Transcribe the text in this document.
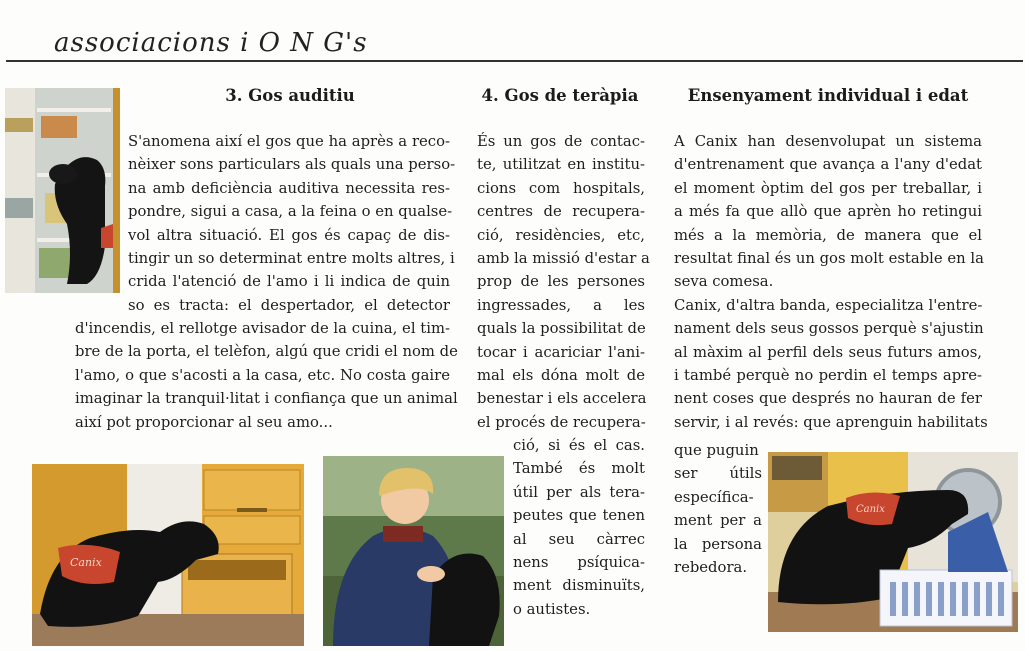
associacions i O N G's
3. Gos auditiu
S'anomena així el gos que ha après a reco-
nèixer sons particulars als quals una perso-
na amb deficiència auditiva necessita res-
pondre, sigui a casa, a la feina o en qualse-
vol altra situació. El gos és capaç de dis-
tingir un so determinat entre molts altres, i
crida l'atenció de l'amo i li indica de quin
so es tracta: el despertador, el detector
d'incendis, el rellotge avisador de la cuina, el tim-
bre de la porta, el telèfon, algú que cridi el nom de
l'amo, o que s'acosti a la casa, etc. No costa gaire
imaginar la tranquil·litat i confiança que un animal
així pot proporcionar al seu amo...
Canix
4. Gos de teràpia
És un gos de contac-
te, utilitzat en institu-
cions com hospitals,
centres de recupera-
ció, residències, etc,
amb la missió d'estar a
prop de les persones
ingressades, a les
quals la possibilitat de
tocar i acariciar l'ani-
mal els dóna molt de
benestar i els accelera
el procés de recupera-
ció, si és el cas.
També és molt
útil per als tera-
peutes que tenen
al seu càrrec
nens psíquica-
ment disminuïts,
o autistes.
Ensenyament individual i edat
A Canix han desenvolupat un sistema
d'entrenament que avança a l'any d'edat
el moment òptim del gos per treballar, i
a més fa que allò que aprèn ho retingui
més a la memòria, de manera que el
resultat final és un gos molt estable en la
seva comesa.
Canix, d'altra banda, especialitza l'entre-
nament dels seus gossos perquè s'ajustin
al màxim al perfil dels seus futurs amos,
i també perquè no perdin el temps apre-
nent coses que després no hauran de fer
servir, i al revés: que aprenguin habilitats
que puguin
ser útils
específica-
ment per a
la persona
rebedora.
Canix
